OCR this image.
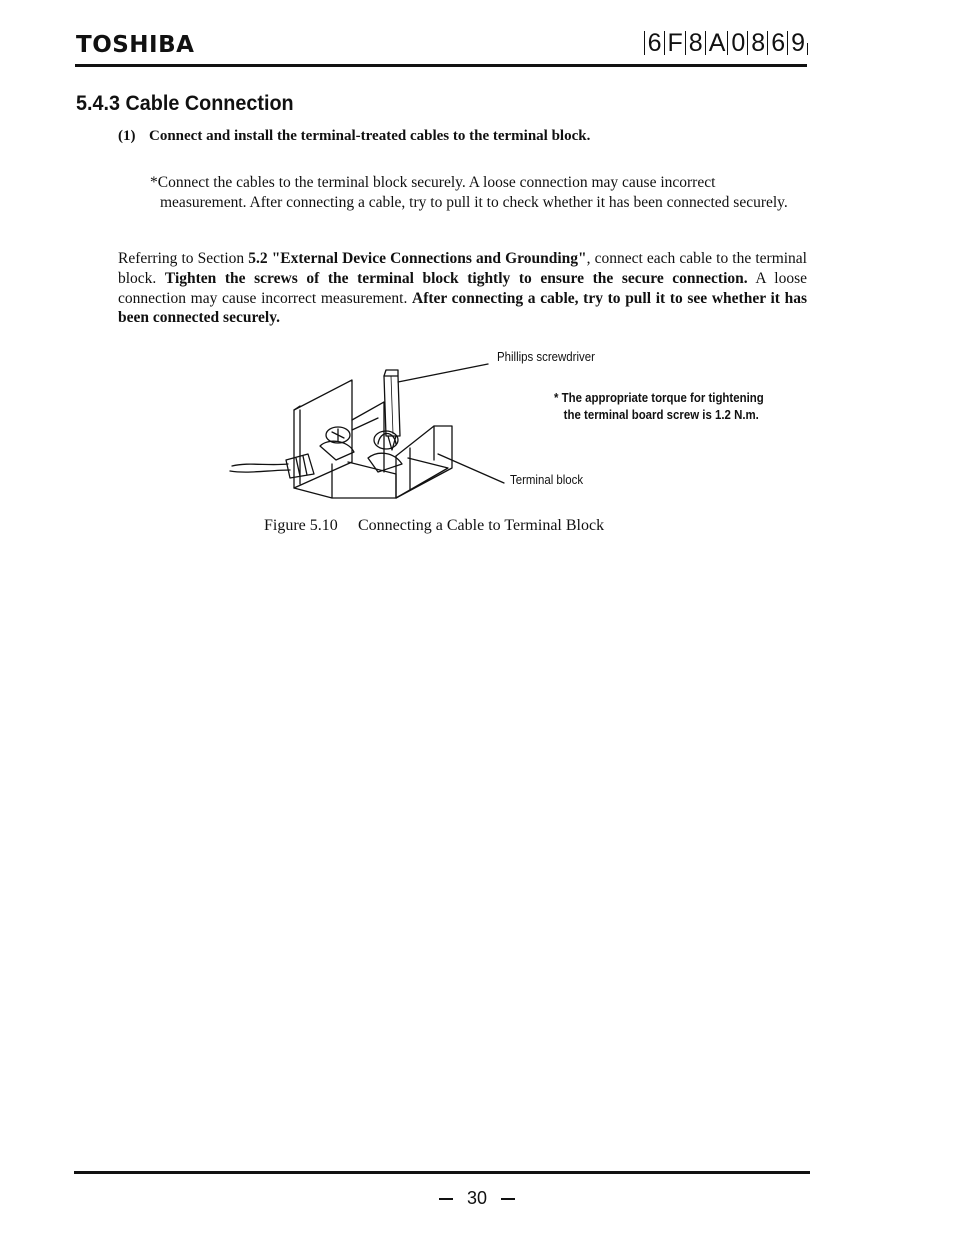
TOSHIBA	6 F 8 A 0 8 6 9
5.4.3 Cable Connection
(1) Connect and install the terminal-treated cables to the terminal block.
*Connect the cables to the terminal block securely. A loose connection may cause incorrect
measurement. After connecting a cable, try to pull it to check whether it has been connected securely.
Referring to Section 5.2 "External Device Connections and Grounding", connect each cable to the terminal block. Tighten the screws of the terminal block tightly to ensure the secure connection. A loose connection may cause incorrect measurement. After connecting a cable, try to pull it to see whether it has been connected securely.
Phillips screwdriver
Terminal block
* The appropriate torque for tightening
the terminal board screw is 1.2 N.m.
Figure 5.10 Connecting a Cable to Terminal Block
30
